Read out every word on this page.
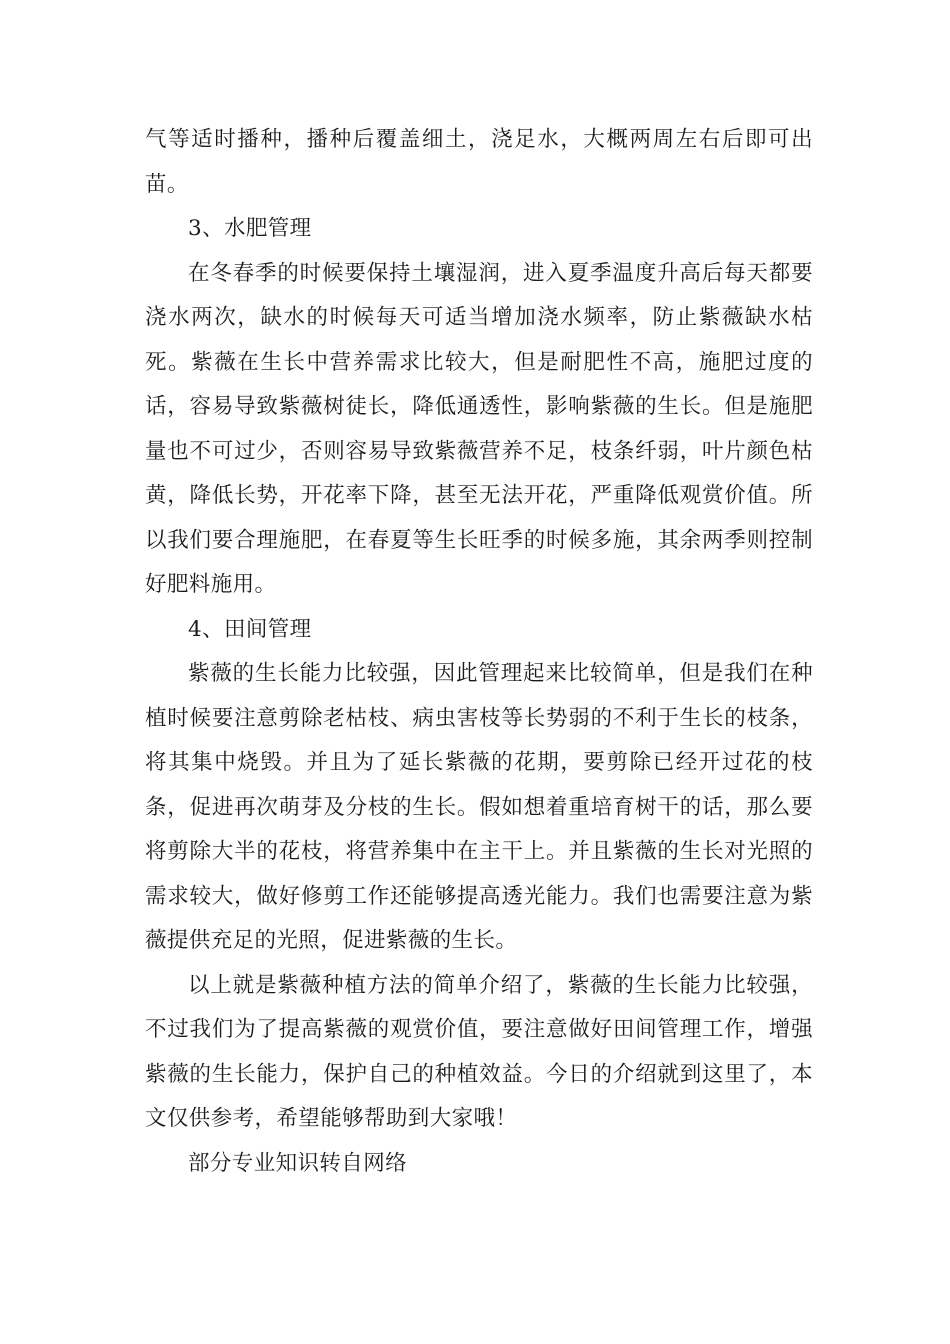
气等适时播种，播种后覆盖细土，浇足水，大概两周左右后即可出苗。

3、水肥管理

在冬春季的时候要保持土壤湿润，进入夏季温度升高后每天都要浇水两次，缺水的时候每天可适当增加浇水频率，防止紫薇缺水枯死。紫薇在生长中营养需求比较大，但是耐肥性不高，施肥过度的话，容易导致紫薇树徒长，降低通透性，影响紫薇的生长。但是施肥量也不可过少，否则容易导致紫薇营养不足，枝条纤弱，叶片颜色枯黄，降低长势，开花率下降，甚至无法开花，严重降低观赏价值。所以我们要合理施肥，在春夏等生长旺季的时候多施，其余两季则控制好肥料施用。

4、田间管理

紫薇的生长能力比较强，因此管理起来比较简单，但是我们在种植时候要注意剪除老枯枝、病虫害枝等长势弱的不利于生长的枝条，将其集中烧毁。并且为了延长紫薇的花期，要剪除已经开过花的枝条，促进再次萌芽及分枝的生长。假如想着重培育树干的话，那么要将剪除大半的花枝，将营养集中在主干上。并且紫薇的生长对光照的需求较大，做好修剪工作还能够提高透光能力。我们也需要注意为紫薇提供充足的光照，促进紫薇的生长。

以上就是紫薇种植方法的简单介绍了，紫薇的生长能力比较强，不过我们为了提高紫薇的观赏价值，要注意做好田间管理工作，增强紫薇的生长能力，保护自己的种植效益。今日的介绍就到这里了，本文仅供参考，希望能够帮助到大家哦！

部分专业知识转自网络
